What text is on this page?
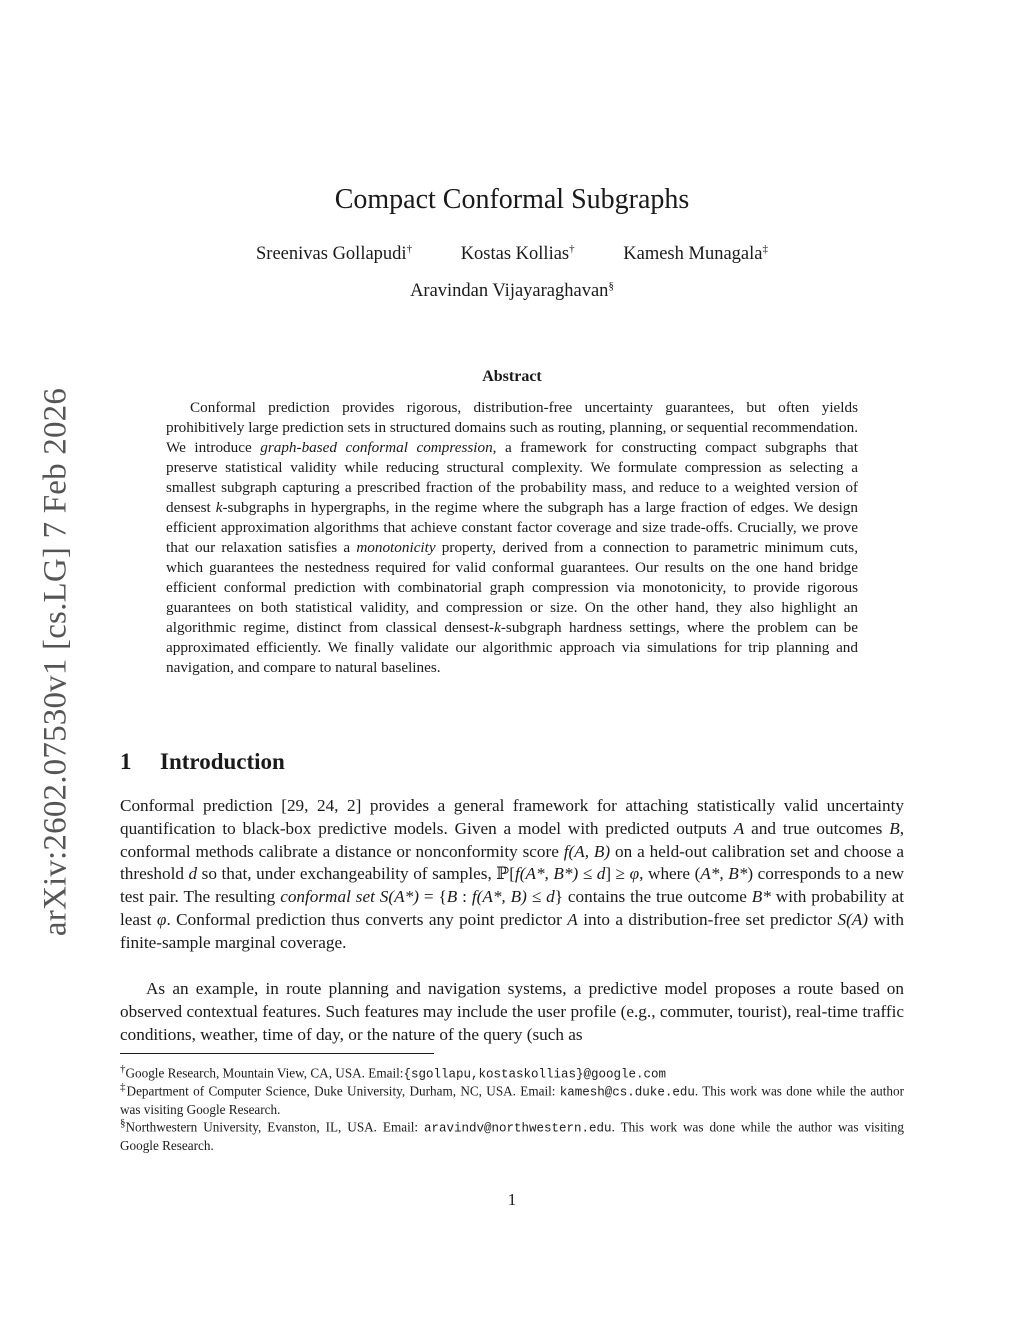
arXiv:2602.07530v1 [cs.LG] 7 Feb 2026
Compact Conformal Subgraphs
Sreenivas Gollapudi†	Kostas Kollias†	Kamesh Munagala‡
Aravindan Vijayaraghavan§
Abstract
Conformal prediction provides rigorous, distribution-free uncertainty guarantees, but often yields prohibitively large prediction sets in structured domains such as routing, planning, or sequential recommendation. We introduce graph-based conformal compression, a framework for constructing compact subgraphs that preserve statistical validity while reducing structural complexity. We formulate compression as selecting a smallest subgraph capturing a prescribed fraction of the probability mass, and reduce to a weighted version of densest k-subgraphs in hypergraphs, in the regime where the subgraph has a large fraction of edges. We design efficient approximation algorithms that achieve constant factor coverage and size trade-offs. Crucially, we prove that our relaxation satisfies a monotonicity property, derived from a connection to parametric minimum cuts, which guarantees the nestedness required for valid conformal guarantees. Our results on the one hand bridge efficient conformal prediction with combinatorial graph compression via monotonicity, to provide rigorous guarantees on both statistical validity, and compression or size. On the other hand, they also highlight an algorithmic regime, distinct from classical densest-k-subgraph hardness settings, where the problem can be approximated efficiently. We finally validate our algorithmic approach via simulations for trip planning and navigation, and compare to natural baselines.
1 Introduction
Conformal prediction [29, 24, 2] provides a general framework for attaching statistically valid uncertainty quantification to black-box predictive models. Given a model with predicted outputs A and true outcomes B, conformal methods calibrate a distance or nonconformity score f(A, B) on a held-out calibration set and choose a threshold d so that, under exchangeability of samples, ℙ[f(A*, B*) ≤ d] ≥ φ, where (A*, B*) corresponds to a new test pair. The resulting conformal set S(A*) = {B : f(A*, B) ≤ d} contains the true outcome B* with probability at least φ. Conformal prediction thus converts any point predictor A into a distribution-free set predictor S(A) with finite-sample marginal coverage.
As an example, in route planning and navigation systems, a predictive model proposes a route based on observed contextual features. Such features may include the user profile (e.g., commuter, tourist), real-time traffic conditions, weather, time of day, or the nature of the query (such as
†Google Research, Mountain View, CA, USA. Email:{sgollapu,kostaskollias}@google.com
‡Department of Computer Science, Duke University, Durham, NC, USA. Email: kamesh@cs.duke.edu. This work was done while the author was visiting Google Research.
§Northwestern University, Evanston, IL, USA. Email: aravindv@northwestern.edu. This work was done while the author was visiting Google Research.
1
